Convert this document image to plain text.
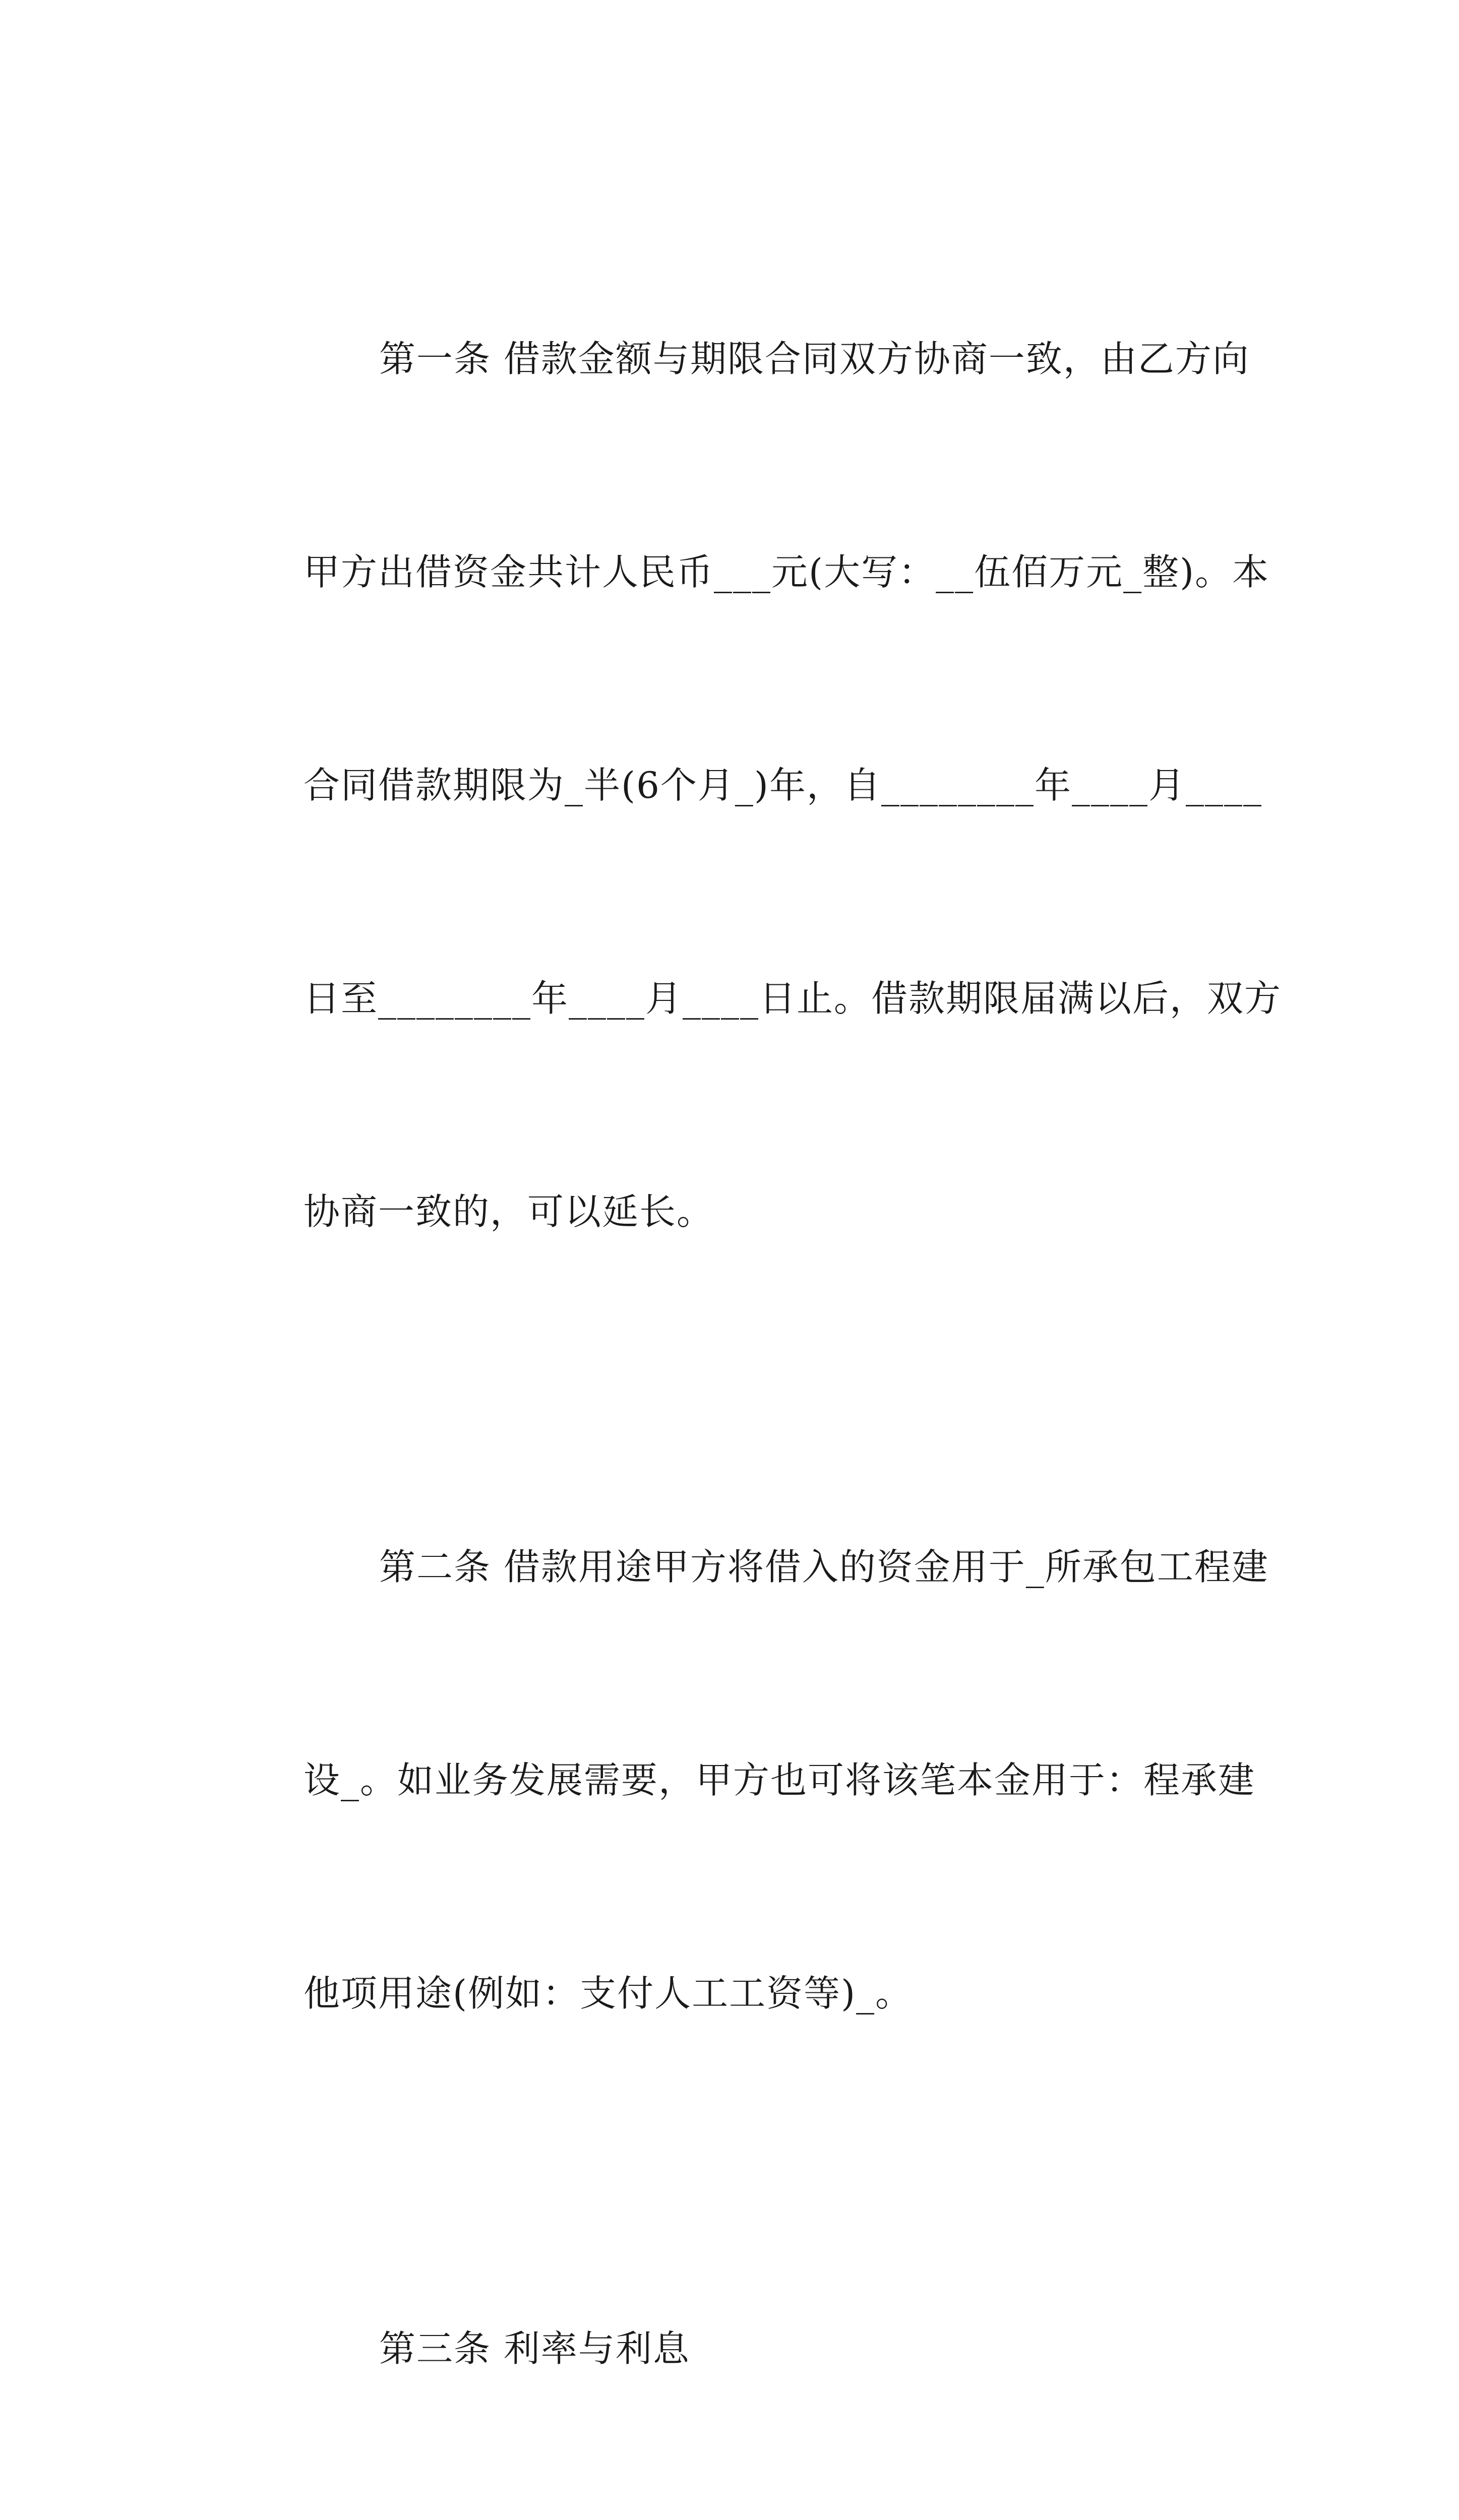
第一条 借款金额与期限合同双方协商一致，由乙方向

甲方出借资金共计人民币___元(大写：__伍佰万元_整)。本

合同借款期限为_半(6个月_)年，自________年____月____

日至________年____月____日止。借款期限届满以后，双方

协商一致的，可以延长。

第二条 借款用途甲方将借入的资金用于_所承包工程建

设_。如业务发展需要，甲方也可将该笔本金用于：程承建

他项用途(例如：支付人工工资等)_。

第三条 利率与利息
